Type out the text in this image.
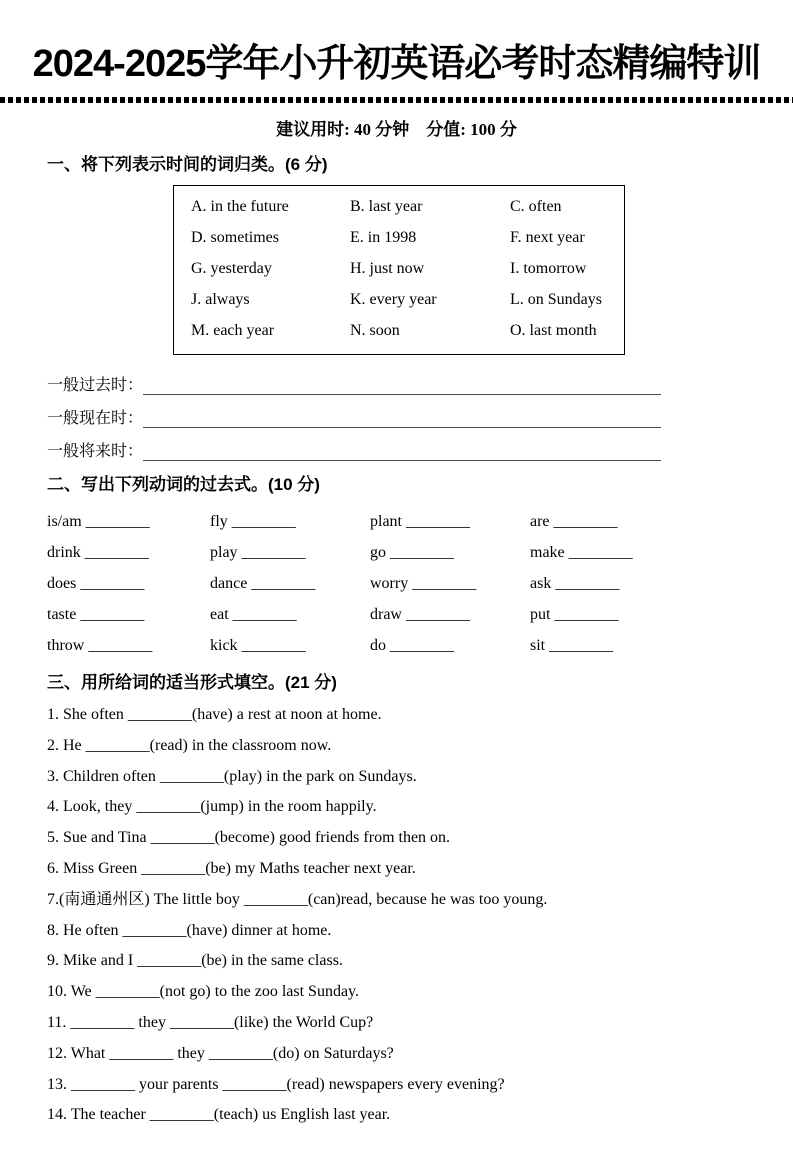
2024-2025学年小升初英语必考时态精编特训
建议用时: 40 分钟　分值: 100 分
一、将下列表示时间的词归类。(6 分)
A. in the future	B. last year	C. often
D. sometimes	E. in 1998	F. next year
G. yesterday	H. just now	I. tomorrow
J. always	K. every year	L. on Sundays
M. each year	N. soon	O. last month
一般过去时：
一般现在时：
一般将来时：
二、写出下列动词的过去式。(10 分)
is/am ________	fly ________	plant ________	are ________
drink ________	play ________	go ________	make ________
does ________	dance ________	worry ________	ask ________
taste ________	eat ________	draw ________	put ________
throw ________	kick ________	do ________	sit ________
三、用所给词的适当形式填空。(21 分)
1. She often ________(have) a rest at noon at home.
2. He ________(read) in the classroom now.
3. Children often ________(play) in the park on Sundays.
4. Look, they ________(jump) in the room happily.
5. Sue and Tina ________(become) good friends from then on.
6. Miss Green ________(be) my Maths teacher next year.
7.(南通通州区) The little boy ________(can)read, because he was too young.
8. He often ________(have) dinner at home.
9. Mike and I ________(be) in the same class.
10. We ________(not go) to the zoo last Sunday.
11. ________ they ________(like) the World Cup?
12. What ________ they ________(do) on Saturdays?
13. ________ your parents ________(read) newspapers every evening?
14. The teacher ________(teach) us English last year.
